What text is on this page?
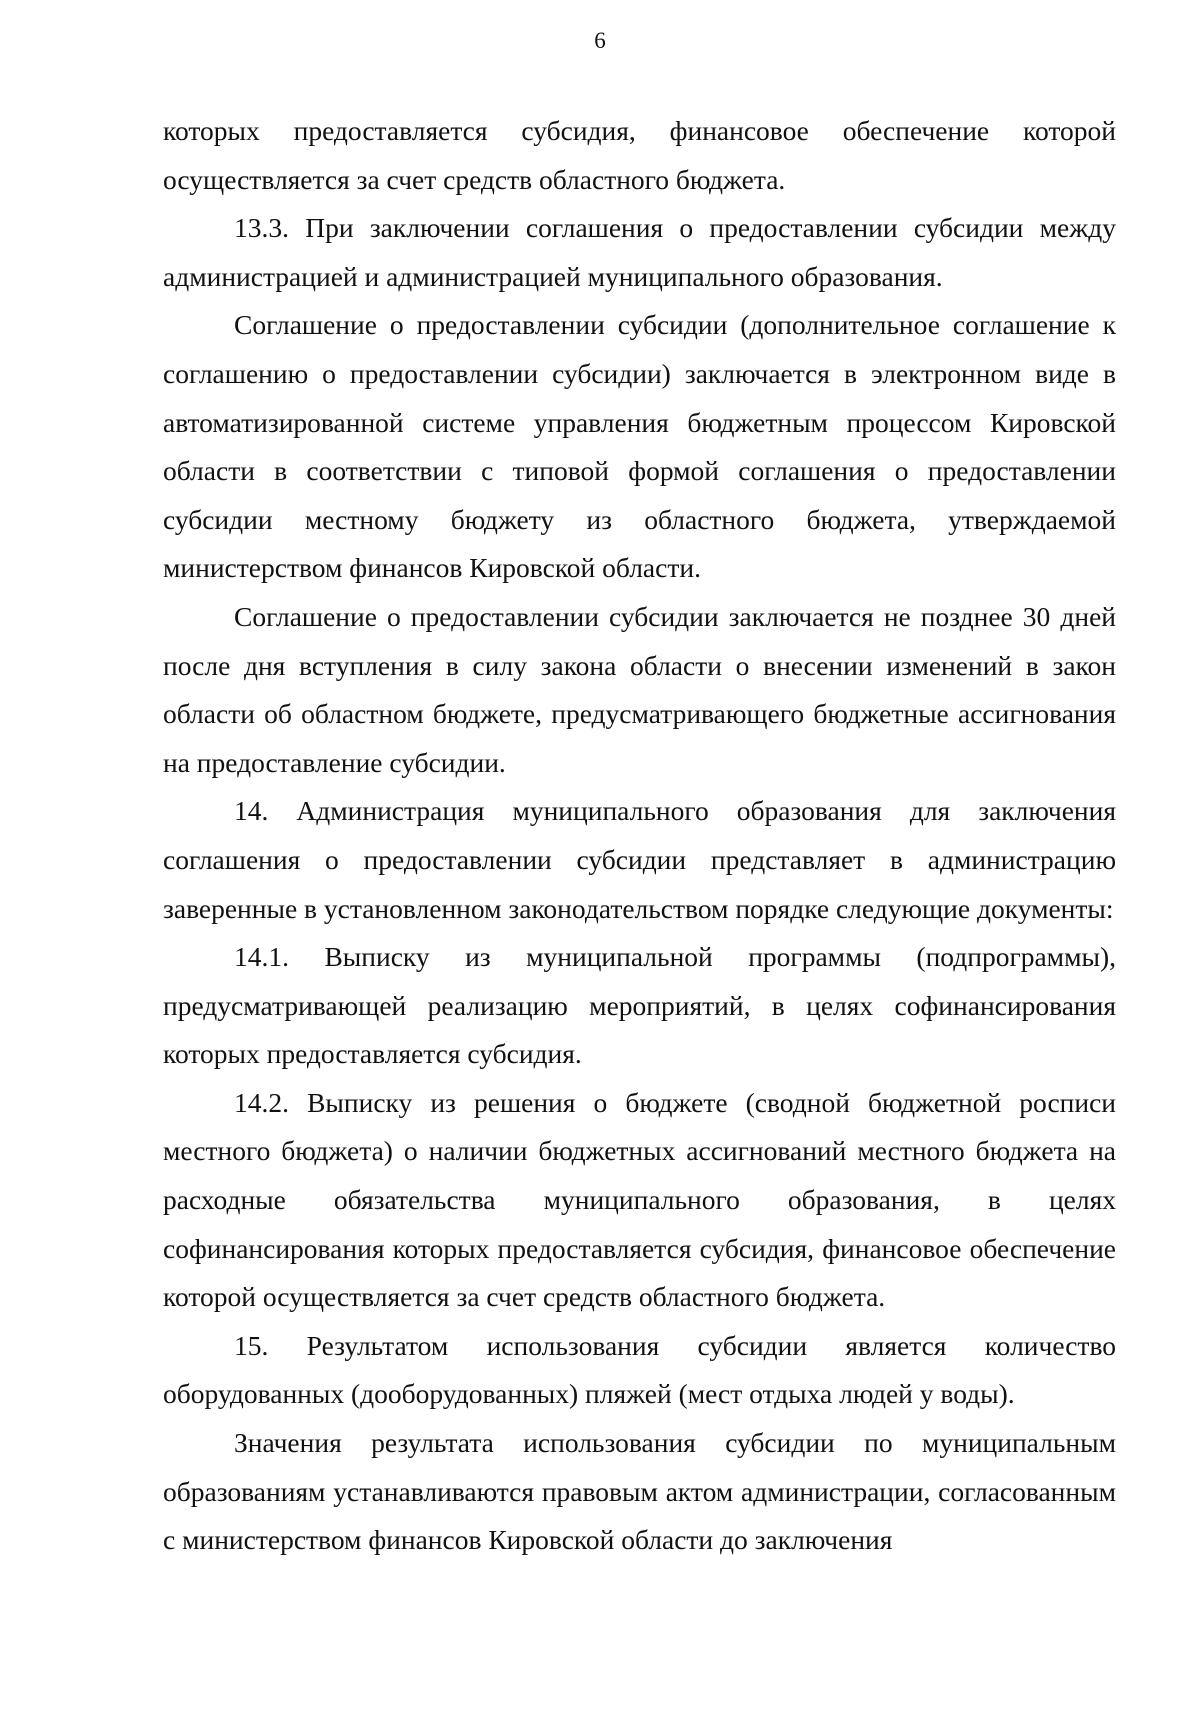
6

которых предоставляется субсидия, финансовое обеспечение которой осуществляется за счет средств областного бюджета.

13.3. При заключении соглашения о предоставлении субсидии между администрацией и администрацией муниципального образования.

Соглашение о предоставлении субсидии (дополнительное соглашение к соглашению о предоставлении субсидии) заключается в электронном виде в автоматизированной системе управления бюджетным процессом Кировской области в соответствии с типовой формой соглашения о предоставлении субсидии местному бюджету из областного бюджета, утверждаемой министерством финансов Кировской области.

Соглашение о предоставлении субсидии заключается не позднее 30 дней после дня вступления в силу закона области о внесении изменений в закон области об областном бюджете, предусматривающего бюджетные ассигнования на предоставление субсидии.

14. Администрация муниципального образования для заключения соглашения о предоставлении субсидии представляет в администрацию заверенные в установленном законодательством порядке следующие документы:

14.1. Выписку из муниципальной программы (подпрограммы), предусматривающей реализацию мероприятий, в целях софинансирования которых предоставляется субсидия.

14.2. Выписку из решения о бюджете (сводной бюджетной росписи местного бюджета) о наличии бюджетных ассигнований местного бюджета на расходные обязательства муниципального образования, в целях софинансирования которых предоставляется субсидия, финансовое обеспечение которой осуществляется за счет средств областного бюджета.

15. Результатом использования субсидии является количество оборудованных (дооборудованных) пляжей (мест отдыха людей у воды).

Значения результата использования субсидии по муниципальным образованиям устанавливаются правовым актом администрации, согласованным с министерством финансов Кировской области до заключения
